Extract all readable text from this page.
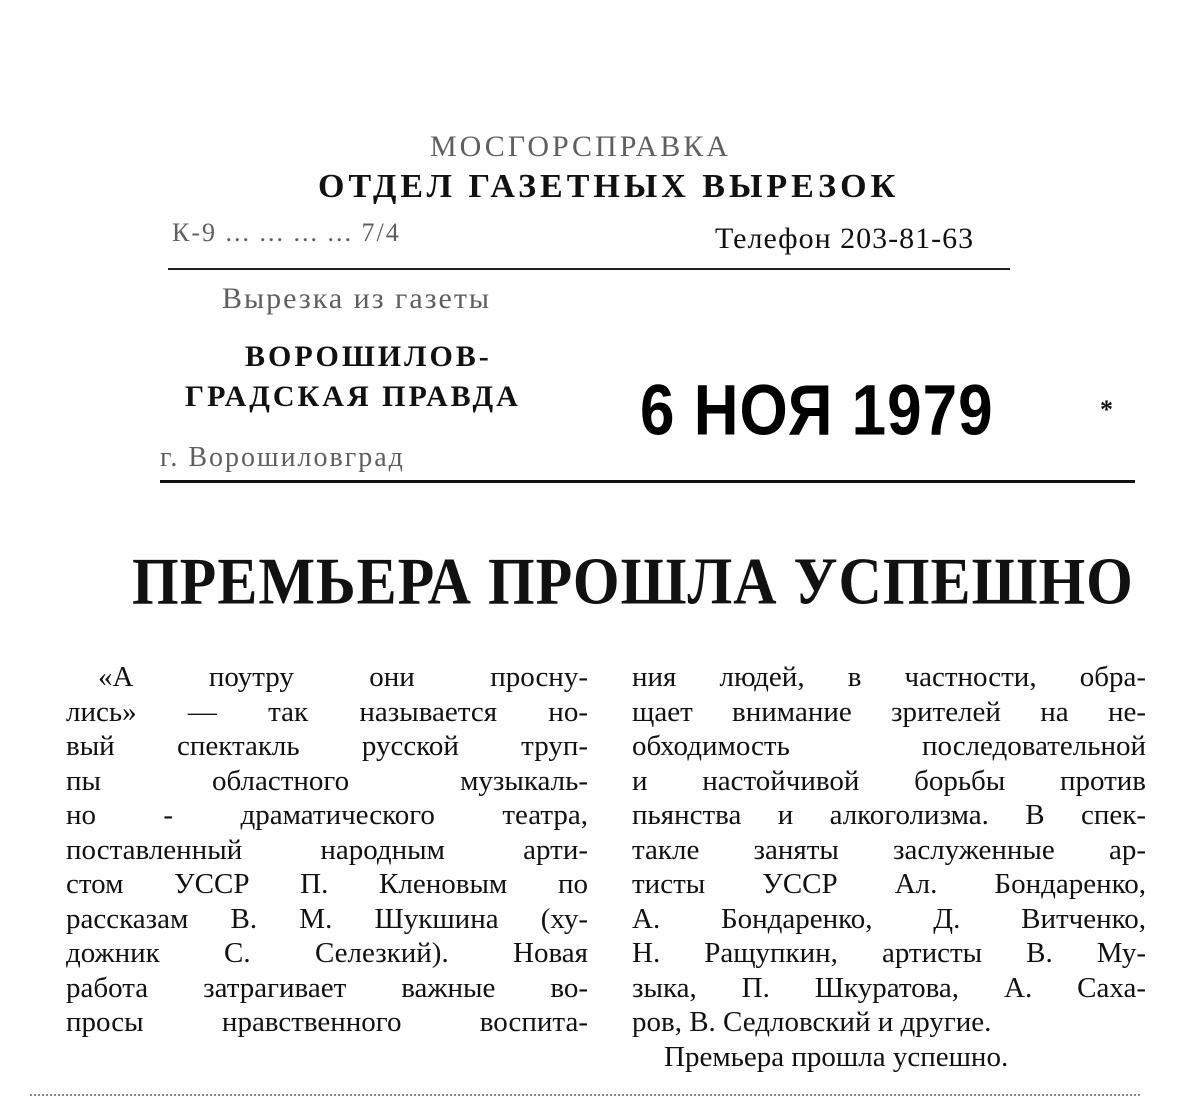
МОСГОРСПРАВКА
ОТДЕЛ ГАЗЕТНЫХ ВЫРЕЗОК
К-9 ... ... ... ... 7/4	Телефон 203-81-63
Вырезка из газеты
ВОРОШИЛОВ-
ГРАДСКАЯ ПРАВДА 6 НОЯ 1979	*
г. Ворошиловград
ПРЕМЬЕРА ПРОШЛА УСПЕШНО
«А поутру они просну-
лись» — так называется но-
вый спектакль русской труп-
пы областного музыкаль-
но - драматического театра,
поставленный народным арти-
стом УССР П. Кленовым по
рассказам В. М. Шукшина (ху-
дожник С. Селезкий). Новая
работа затрагивает важные во-
просы нравственного воспита-
ния людей, в частности, обра-
щает внимание зрителей на не-
обходимость последовательной
и настойчивой борьбы против
пьянства и алкоголизма. В спек-
такле заняты заслуженные ар-
тисты УССР Ал. Бондаренко,
А. Бондаренко, Д. Витченко,
Н. Ращупкин, артисты В. Му-
зыка, П. Шкуратова, А. Саха-
ров, В. Седловский и другие.
Премьера прошла успешно.
